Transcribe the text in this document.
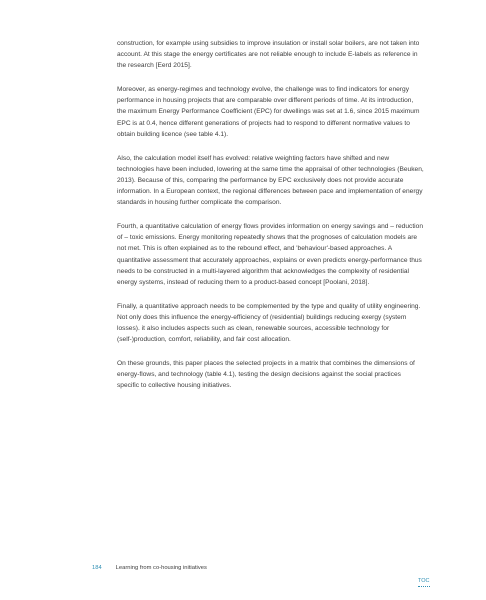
construction, for example using subsidies to improve insulation or install solar boilers, are not taken into account. At this stage the energy certificates are not reliable enough to include E-labels as reference in the research [Eerd 2015].

Moreover, as energy-regimes and technology evolve, the challenge was to find indicators for energy performance in housing projects that are comparable over different periods of time. At its introduction, the maximum Energy Performance Coefficient (EPC) for dwellings was set at 1.6, since 2015 maximum EPC is at 0.4, hence different generations of projects had to respond to different normative values to obtain building licence (see table 4.1).

Also, the calculation model itself has evolved: relative weighting factors have shifted and new technologies have been included, lowering at the same time the appraisal of other technologies (Beuken, 2013). Because of this, comparing the performance by EPC exclusively does not provide accurate information. In a European context, the regional differences between pace and implementation of energy standards in housing further complicate the comparison.

Fourth, a quantitative calculation of energy flows provides information on energy savings and – reduction of – toxic emissions. Energy monitoring repeatedly shows that the prognoses of calculation models are not met. This is often explained as to the rebound effect, and 'behaviour'-based approaches. A quantitative assessment that accurately approaches, explains or even predicts energy-performance thus needs to be constructed in a multi-layered algorithm that acknowledges the complexity of residential energy systems, instead of reducing them to a product-based concept [Poolani, 2018].

Finally, a quantitative approach needs to be complemented by the type and quality of utility engineering. Not only does this influence the energy-efficiency of (residential) buildings reducing exergy (system losses). it also includes aspects such as clean, renewable sources, accessible technology for (self-)production, comfort, reliability, and fair cost allocation.

On these grounds, this paper places the selected projects in a matrix that combines the dimensions of energy-flows, and technology (table 4.1), testing the design decisions against the social practices specific to collective housing initiatives.

184 Learning from co-housing initiatives
TOC
